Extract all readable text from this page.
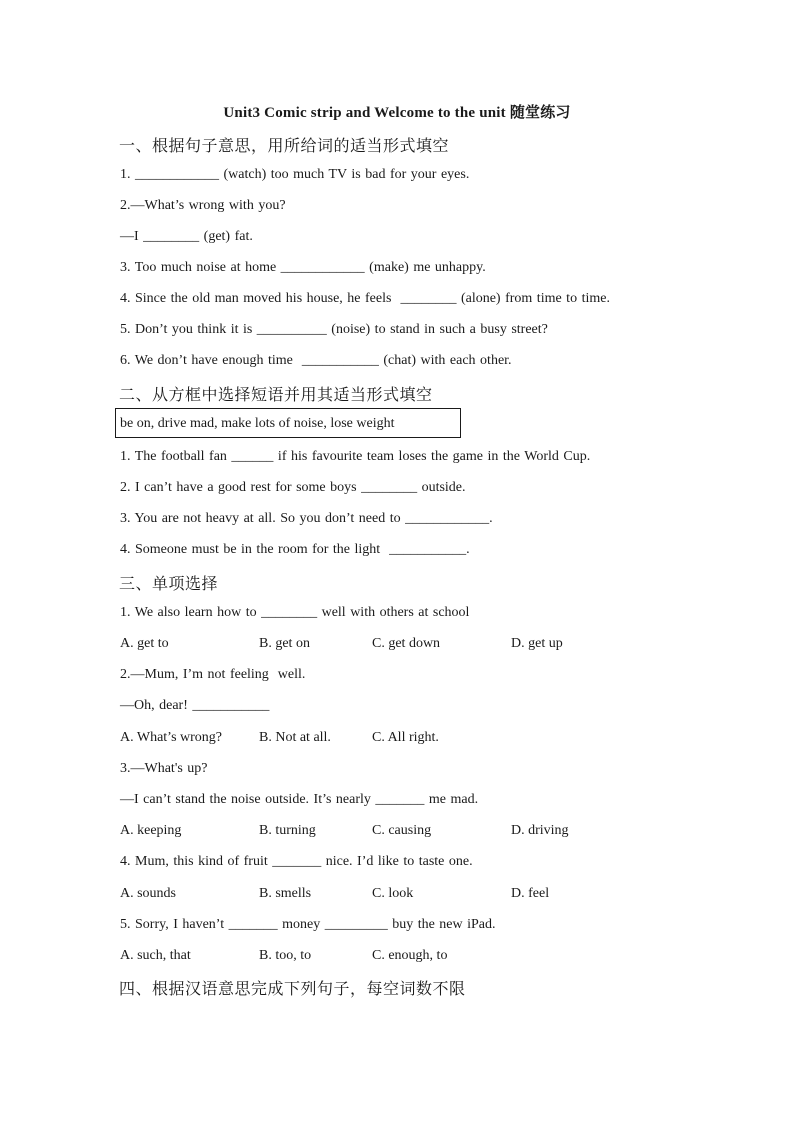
Unit3 Comic strip and Welcome to the unit 随堂练习
一、根据句子意思，用所给词的适当形式填空
1. ____________ (watch) too much TV is bad for your eyes.
2.—What’s wrong with you?
—I ________ (get) fat.
3. Too much noise at home ____________ (make) me unhappy.
4. Since the old man moved his house, he feels  ________ (alone) from time to time.
5. Don’t you think it is __________ (noise) to stand in such a busy street?
6. We don’t have enough time  ___________ (chat) with each other.
二、从方框中选择短语并用其适当形式填空
be on, drive mad, make lots of noise, lose weight
1. The football fan ______ if his favourite team loses the game in the World Cup.
2. I can’t have a good rest for some boys ________ outside.
3. You are not heavy at all. So you don’t need to ____________.
4. Someone must be in the room for the light  ___________.
三、单项选择
1. We also learn how to ________ well with others at school
A. get to	B. get on	C. get down	D. get up
2.—Mum, I’m not feeling  well.
—Oh, dear! ___________
A. What’s wrong?	B. Not at all.	C. All right.
3.—What's up?
—I can’t stand the noise outside. It’s nearly _______ me mad.
A. keeping	B. turning	C. causing	D. driving
4. Mum, this kind of fruit _______ nice. I’d like to taste one.
A. sounds	B. smells	C. look	D. feel
5. Sorry, I haven’t _______ money _________ buy the new iPad.
A. such, that	B. too, to	C. enough, to
四、根据汉语意思完成下列句子，每空词数不限
